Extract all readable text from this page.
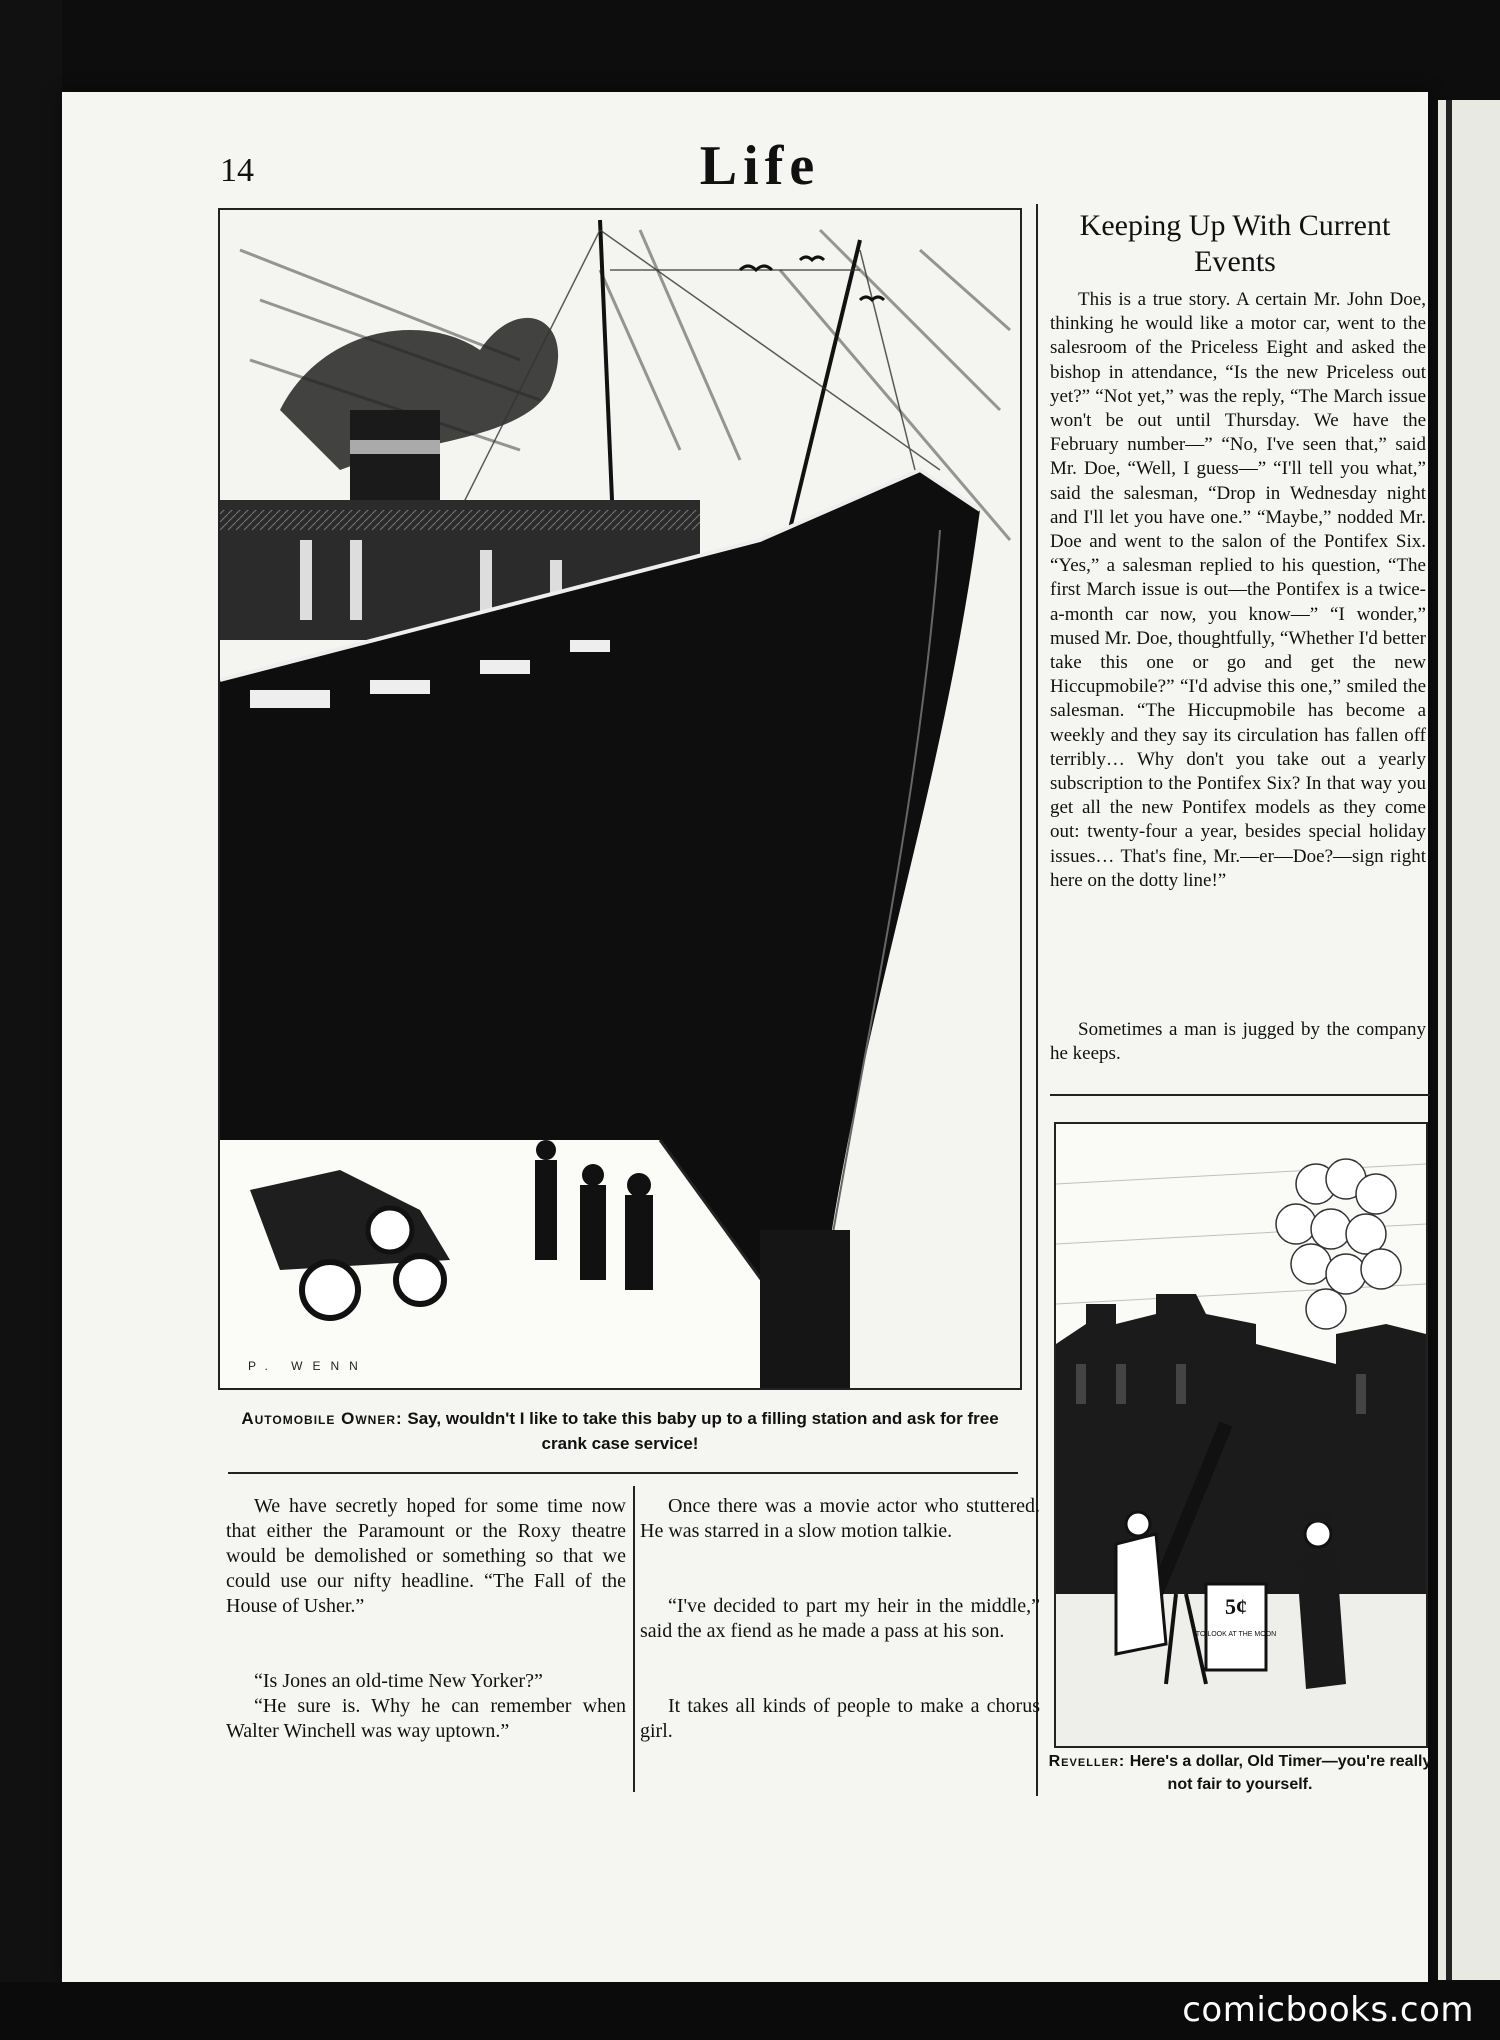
14	Life
P. WENN
Automobile Owner: Say, wouldn't I like to take this baby up to a filling station and ask for free crank case service!
Keeping Up With Current Events

This is a true story. A certain Mr. John Doe, thinking he would like a motor car, went to the salesroom of the Priceless Eight and asked the bishop in attendance, “Is the new Priceless out yet?” “Not yet,” was the reply, “The March issue won't be out until Thursday. We have the February number—” “No, I've seen that,” said Mr. Doe, “Well, I guess—” “I'll tell you what,” said the salesman, “Drop in Wednesday night and I'll let you have one.” “Maybe,” nodded Mr. Doe and went to the salon of the Pontifex Six. “Yes,” a salesman replied to his question, “The first March issue is out—the Pontifex is a twice-a-month car now, you know—” “I wonder,” mused Mr. Doe, thoughtfully, “Whether I'd better take this one or go and get the new Hiccupmobile?” “I'd advise this one,” smiled the salesman. “The Hiccupmobile has become a weekly and they say its circulation has fallen off terribly… Why don't you take out a yearly subscription to the Pontifex Six? In that way you get all the new Pontifex models as they come out: twenty-four a year, besides special holiday issues… That's fine, Mr.—er—Doe?—sign right here on the dotty line!”

Sometimes a man is jugged by the company he keeps.

5¢
TO LOOK AT THE MOON
Reveller: Here's a dollar, Old Timer—you're really not fair to yourself.

We have secretly hoped for some time now that either the Paramount or the Roxy theatre would be demolished or something so that we could use our nifty headline. “The Fall of the House of Usher.”

“Is Jones an old-time New Yorker?”

“He sure is. Why he can remember when Walter Winchell was way uptown.”

Once there was a movie actor who stuttered. He was starred in a slow motion talkie.

“I've decided to part my heir in the middle,” said the ax fiend as he made a pass at his son.

It takes all kinds of people to make a chorus girl.

comicbooks.com
